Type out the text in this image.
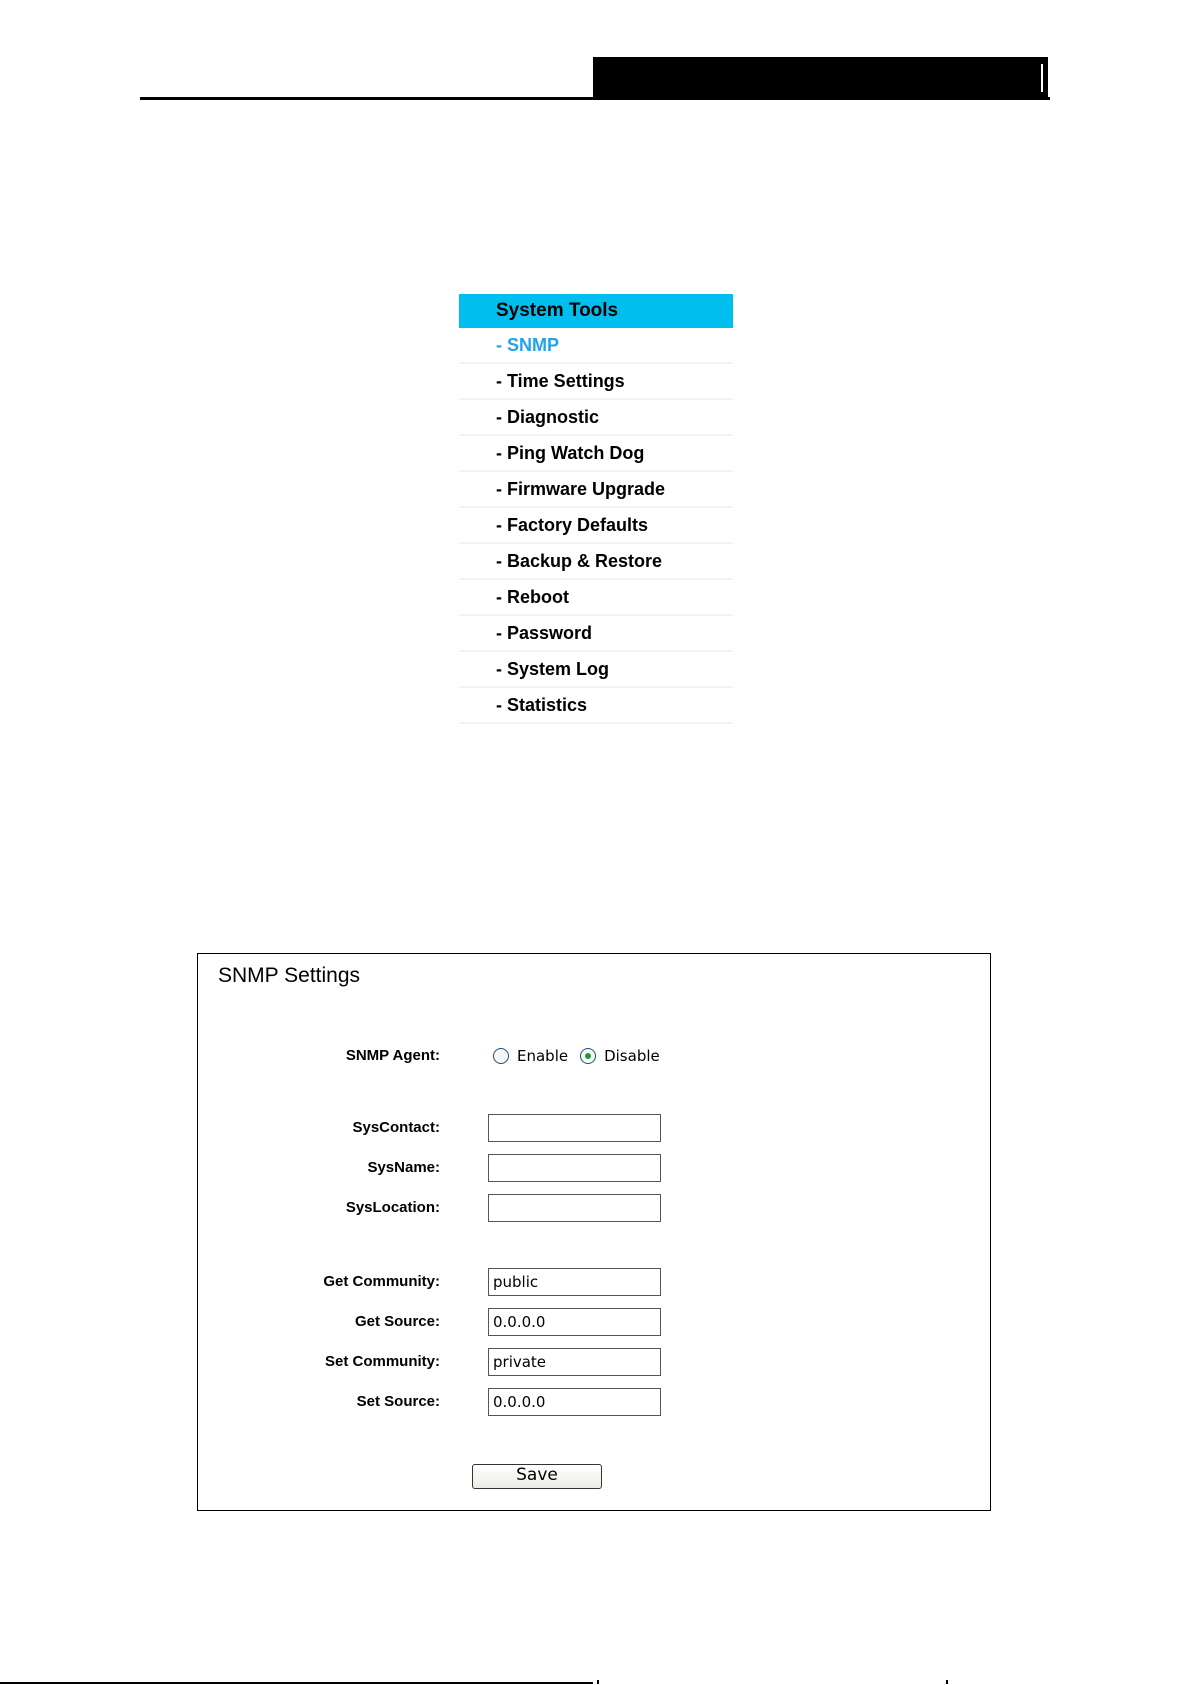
System Tools
- SNMP
- Time Settings
- Diagnostic
- Ping Watch Dog
- Firmware Upgrade
- Factory Defaults
- Backup & Restore
- Reboot
- Password
- System Log
- Statistics
SNMP Settings
SNMP Agent:	Enable Disable
SysContact:
SysName:
SysLocation:
Get Community:	public
Get Source:	0.0.0.0
Set Community:	private
Set Source:	0.0.0.0
Save
